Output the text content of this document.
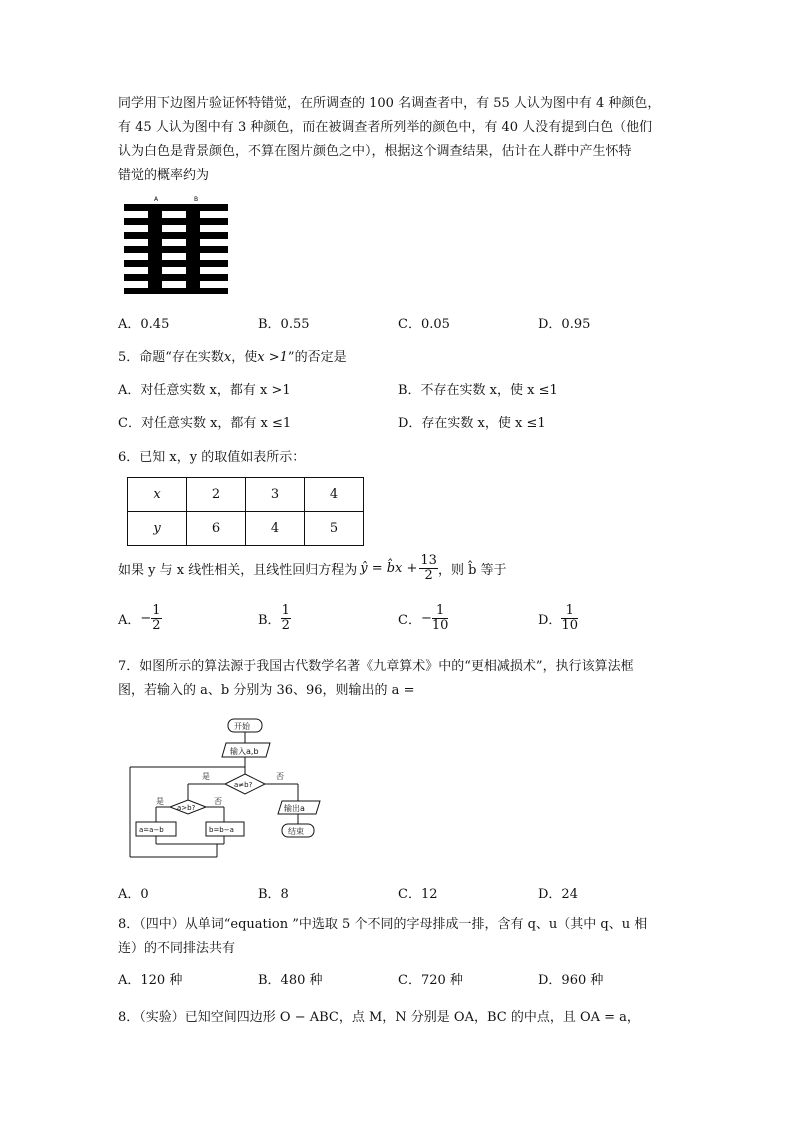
同学用下边图片验证怀特错觉，在所调查的 100 名调查者中，有 55 人认为图中有 4 种颜色，
有 45 人认为图中有 3 种颜色，而在被调查者所列举的颜色中，有 40 人没有提到白色（他们
认为白色是背景颜色，不算在图片颜色之中），根据这个调查结果，估计在人群中产生怀特
错觉的概率约为
A	B
A．0.45	B．0.55	C．0.05	D．0.95
5．命题“存在实数x，使x >1”的否定是
A．对任意实数 x，都有 x >1	B．不存在实数 x，使 x ≤1
C．对任意实数 x，都有 x ≤1	D．存在实数 x，使 x ≤1
6．已知 x，y 的取值如表所示：
x	2	3	4
y	6	4	5
如果 y 与 x 线性相关，且线性回归方程为 ŷ = b̂x + $\frac{13}{2}$ ，则 b̂ 等于
A． − $\frac{1}{2}$	B． $\frac{1}{2}$	C． − $\frac{1}{10}$	D． $\frac{1}{10}$
7．如图所示的算法源于我国古代数学名著《九章算术》中的“更相减损术”，执行该算法框
图，若输入的 a、b 分别为 36、96，则输出的 a =
开始
输入a,b
a≠b?
是	否
a>b?
是	否
a=a−b	b=b−a
输出a
结束
A．0	B．8	C．12	D．24
8．（四中）从单词“equation ”中选取 5 个不同的字母排成一排，含有 q、u（其中 q、u 相
连）的不同排法共有
A．120 种	B．480 种	C．720 种	D．960 种
8．（实验）已知空间四边形 O − ABC，点 M，N 分别是 OA，BC 的中点，且 OA = a，
